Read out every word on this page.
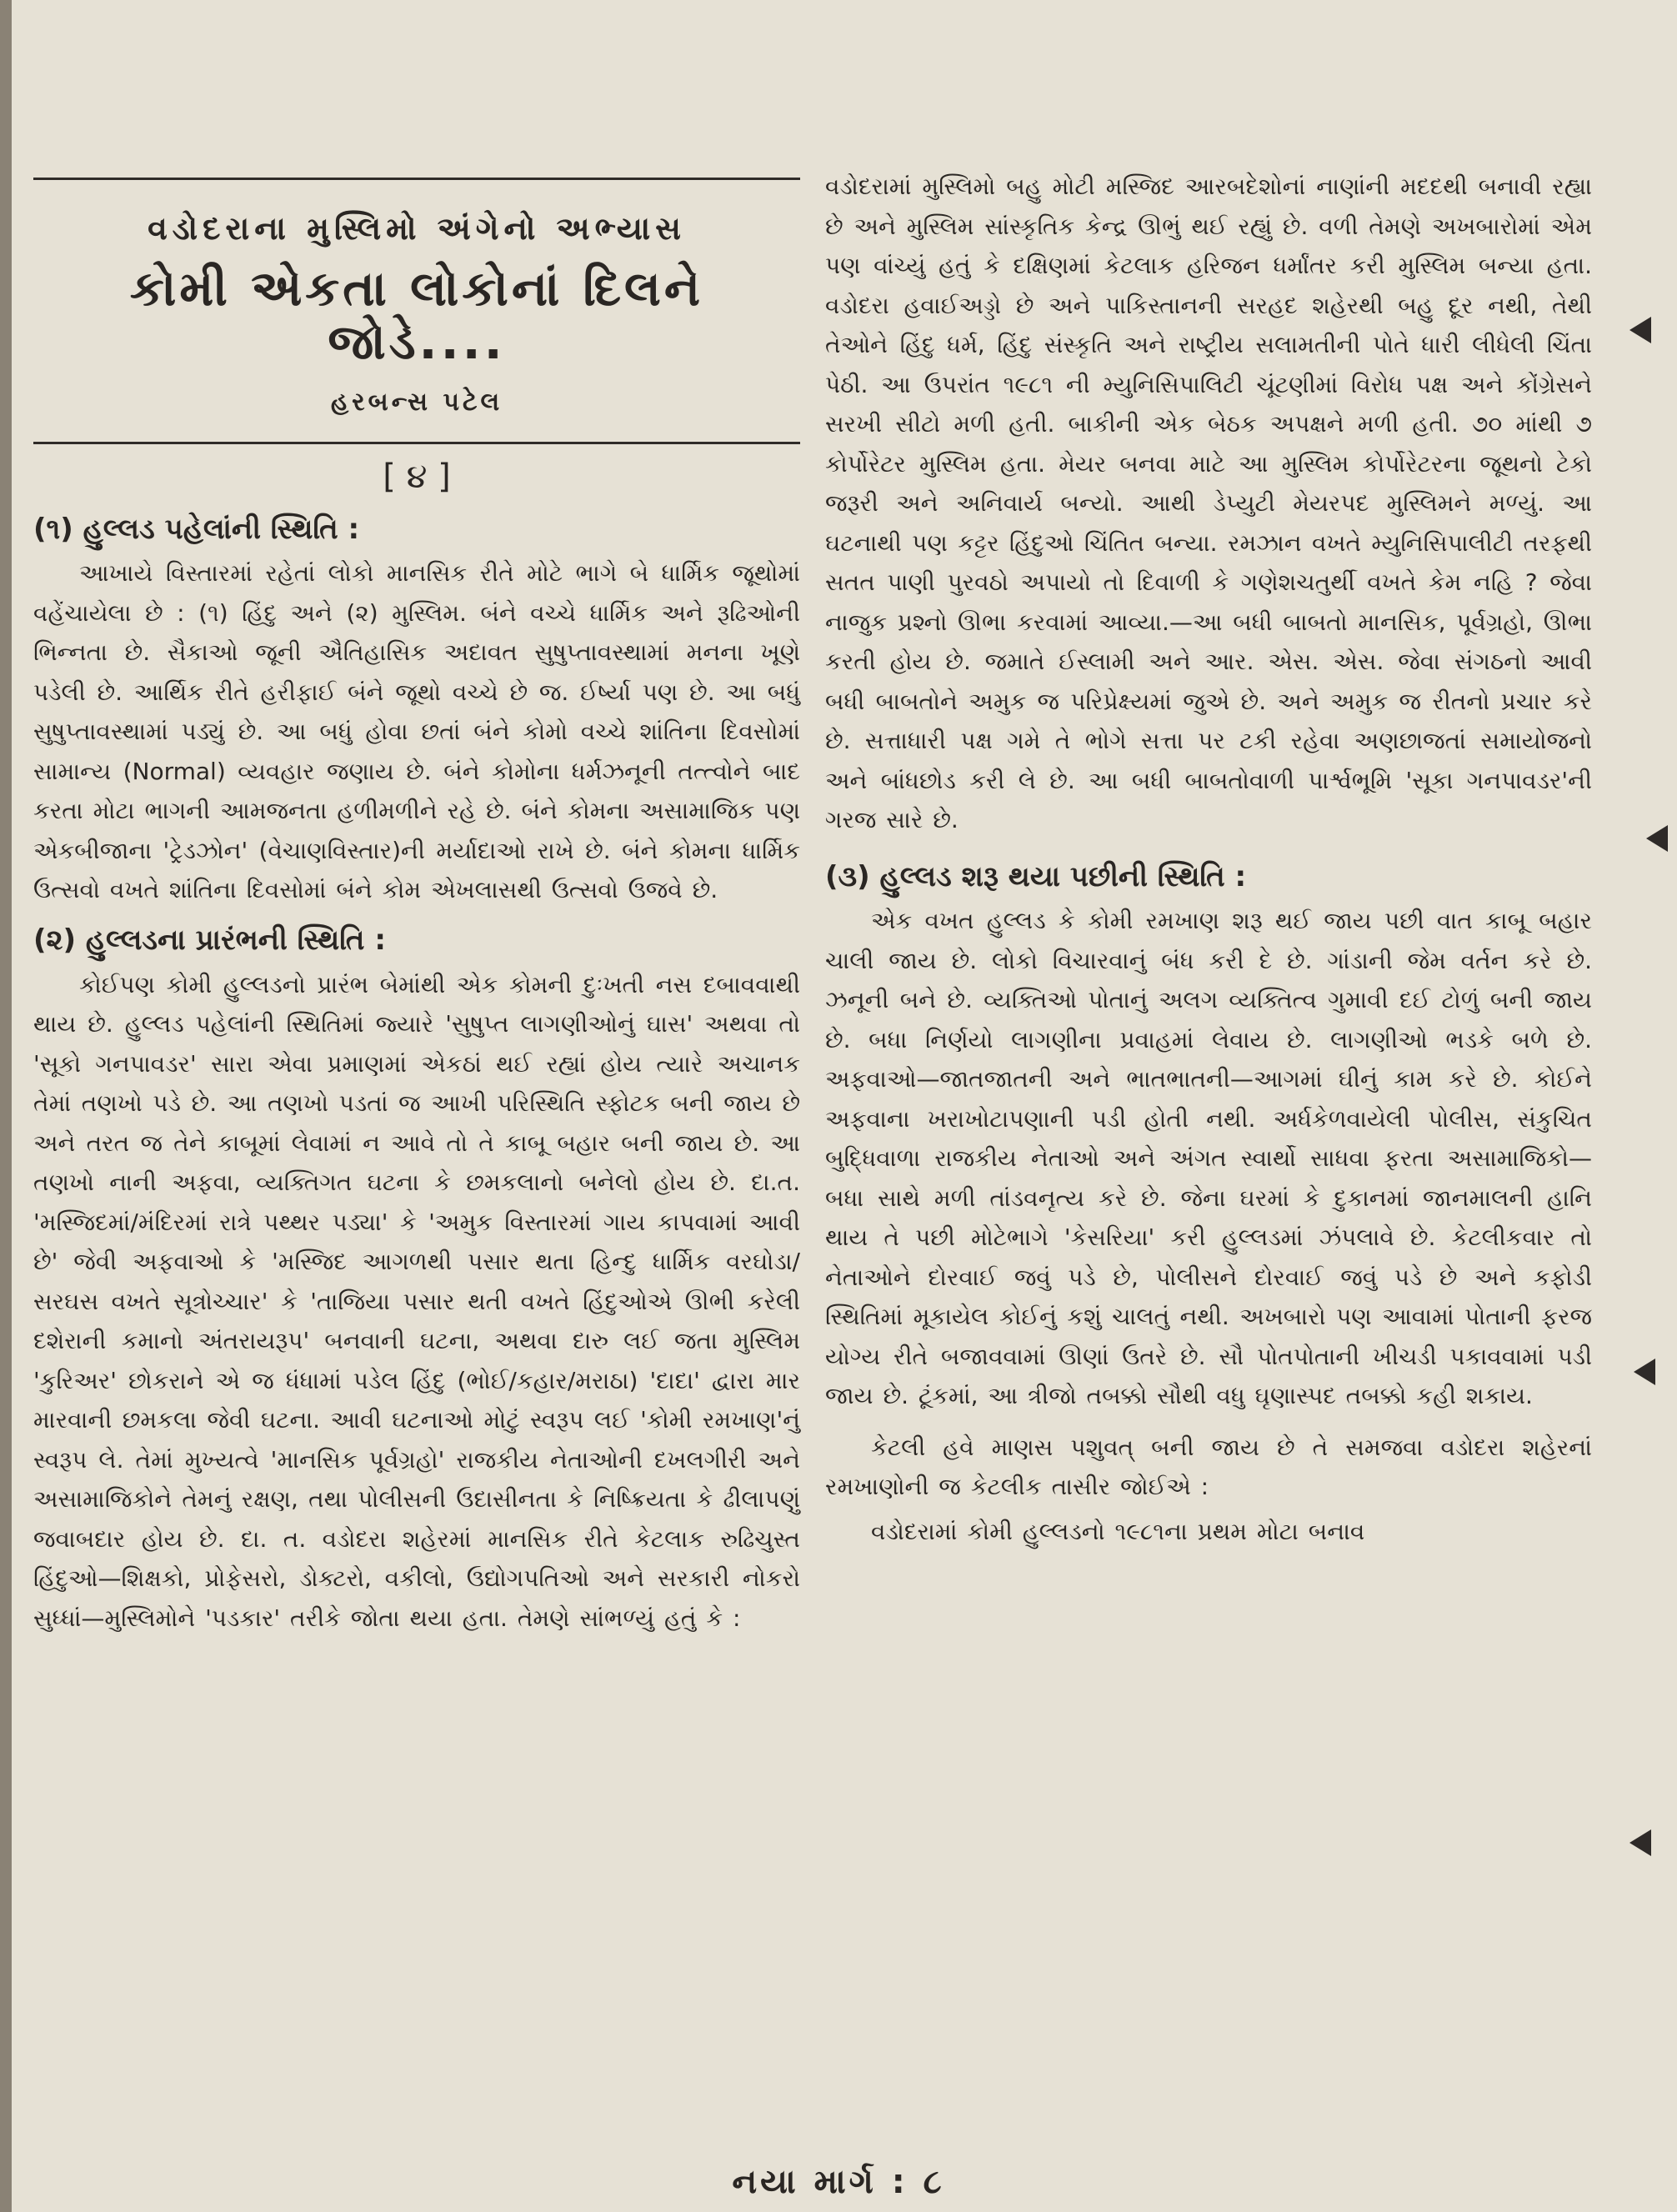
વડોદરાના મુસ્લિમો અંગેનો અભ્યાસ
કોમી એકતા લોકોનાં દિલને જોડે....
હરબન્સ પટેલ
[ ૪ ]
(૧) હુલ્લડ પહેલાંની સ્થિતિ :

આખાયે વિસ્તારમાં રહેતાં લોકો માનસિક રીતે મોટે ભાગે બે ધાર્મિક જૂથોમાં વહેંચાયેલા છે : (૧) હિંદુ અને (૨) મુસ્લિમ. બંને વચ્ચે ધાર્મિક અને રૂઢિઓની ભિન્નતા છે. સૈકાઓ જૂની ઐતિહાસિક અદાવત સુષુપ્તાવસ્થામાં મનના ખૂણે પડેલી છે. આર્થિક રીતે હરીફાઈ બંને જૂથો વચ્ચે છે જ. ઈર્ષ્યા પણ છે. આ બધું સુષુપ્તાવસ્થામાં પડ્યું છે. આ બધું હોવા છતાં બંને કોમો વચ્ચે શાંતિના દિવસોમાં સામાન્ય (Normal) વ્યવહાર જણાય છે. બંને કોમોના ધર્મઝનૂની તત્ત્વોને બાદ કરતા મોટા ભાગની આમજનતા હળીમળીને રહે છે. બંને કોમના અસામાજિક પણ એકબીજાના 'ટ્રેડઝોન' (વેચાણવિસ્તાર)ની મર્યાદાઓ રાખે છે. બંને કોમના ધાર્મિક ઉત્સવો વખતે શાંતિના દિવસોમાં બંને કોમ એખલાસથી ઉત્સવો ઉજવે છે.

(૨) હુલ્લડના પ્રારંભની સ્થિતિ :

કોઈપણ કોમી હુલ્લડનો પ્રારંભ બેમાંથી એક કોમની દુઃખતી નસ દબાવવાથી થાય છે. હુલ્લડ પહેલાંની સ્થિતિમાં જ્યારે 'સુષુપ્ત લાગણીઓનું ઘાસ' અથવા તો 'સૂકો ગનપાવડર' સારા એવા પ્રમાણમાં એકઠાં થઈ રહ્યાં હોય ત્યારે અચાનક તેમાં તણખો પડે છે. આ તણખો પડતાં જ આખી પરિસ્થિતિ સ્ફોટક બની જાય છે અને તરત જ તેને કાબૂમાં લેવામાં ન આવે તો તે કાબૂ બહાર બની જાય છે. આ તણખો નાની અફવા, વ્યક્તિગત ઘટના કે છમકલાનો બનેલો હોય છે. દા.ત. 'મસ્જિદમાં/મંદિરમાં રાત્રે પથ્થર પડ્યા' કે 'અમુક વિસ્તારમાં ગાય કાપવામાં આવી છે' જેવી અફવાઓ કે 'મસ્જિદ આગળથી પસાર થતા હિન્દુ ધાર્મિક વરઘોડા/સરઘસ વખતે સૂત્રોચ્ચાર' કે 'તાજિયા પસાર થતી વખતે હિંદુઓએ ઊભી કરેલી દશેરાની કમાનો અંતરાયરૂપ' બનવાની ઘટના, અથવા દારુ લઈ જતા મુસ્લિમ 'કુરિઅર' છોકરાને એ જ ધંધામાં પડેલ હિંદુ (ભોઈ/કહાર/મરાઠા) 'દાદા' દ્વારા માર મારવાની છમકલા જેવી ઘટના. આવી ઘટનાઓ મોટું સ્વરૂપ લઈ 'કોમી રમખાણ'નું સ્વરૂપ લે. તેમાં મુખ્યત્વે 'માનસિક પૂર્વગ્રહો' રાજકીય નેતાઓની દખલગીરી અને અસામાજિકોને તેમનું રક્ષણ, તથા પોલીસની ઉદાસીનતા કે નિષ્ક્રિયતા કે ઢીલાપણું જવાબદાર હોય છે. દા. ત. વડોદરા શહેરમાં માનસિક રીતે કેટલાક રુઢિચુસ્ત હિંદુઓ—શિક્ષકો, પ્રોફેસરો, ડોક્ટરો, વકીલો, ઉદ્યોગપતિઓ અને સરકારી નોકરો સુધ્ધાં—મુસ્લિમોને 'પડકાર' તરીકે જોતા થયા હતા. તેમણે સાંભળ્યું હતું કે :

વડોદરામાં મુસ્લિમો બહુ મોટી મસ્જિદ આરબદેશોનાં નાણાંની મદદથી બનાવી રહ્યા છે અને મુસ્લિમ સાંસ્કૃતિક કેન્દ્ર ઊભું થઈ રહ્યું છે. વળી તેમણે અખબારોમાં એમ પણ વાંચ્યું હતું કે દક્ષિણમાં કેટલાક હરિજન ધર્માંતર કરી મુસ્લિમ બન્યા હતા. વડોદરા હવાઈઅડ્ડો છે અને પાકિસ્તાનની સરહદ શહેરથી બહુ દૂર નથી, તેથી તેઓને હિંદુ ધર્મ, હિંદુ સંસ્કૃતિ અને રાષ્ટ્રીય સલામતીની પોતે ધારી લીધેલી ચિંતા પેઠી. આ ઉપરાંત ૧૯૮૧ ની મ્યુનિસિપાલિટી ચૂંટણીમાં વિરોધ પક્ષ અને કોંગ્રેસને સરખી સીટો મળી હતી. બાકીની એક બેઠક અપક્ષને મળી હતી. ૭૦ માંથી ૭ કોર્પોરેટર મુસ્લિમ હતા. મેયર બનવા માટે આ મુસ્લિમ કોર્પોરેટરના જૂથનો ટેકો જરૂરી અને અનિવાર્ય બન્યો. આથી ડેપ્યુટી મેયરપદ મુસ્લિમને મળ્યું. આ ઘટનાથી પણ કટ્ટર હિંદુઓ ચિંતિત બન્યા. રમઝાન વખતે મ્યુનિસિપાલીટી તરફથી સતત પાણી પુરવઠો અપાયો તો દિવાળી કે ગણેશચતુર્થી વખતે કેમ નહિ ? જેવા નાજુક પ્રશ્નો ઊભા કરવામાં આવ્યા.—આ બધી બાબતો માનસિક, પૂર્વગ્રહો, ઊભા કરતી હોય છે. જમાતે ઈસ્લામી અને આર. એસ. એસ. જેવા સંગઠનો આવી બધી બાબતોને અમુક જ પરિપ્રેક્ષ્યમાં જુએ છે. અને અમુક જ રીતનો પ્રચાર કરે છે. સત્તાધારી પક્ષ ગમે તે ભોગે સત્તા પર ટકી રહેવા અણછાજતાં સમાયોજનો અને બાંધછોડ કરી લે છે. આ બધી બાબતોવાળી પાર્શ્વભૂમિ 'સૂકા ગનપાવડર'ની ગરજ સારે છે.

(૩) હુલ્લડ શરૂ થયા પછીની સ્થિતિ :

એક વખત હુલ્લડ કે કોમી રમખાણ શરૂ થઈ જાય પછી વાત કાબૂ બહાર ચાલી જાય છે. લોકો વિચારવાનું બંધ કરી દે છે. ગાંડાની જેમ વર્તન કરે છે. ઝનૂની બને છે. વ્યક્તિઓ પોતાનું અલગ વ્યક્તિત્વ ગુમાવી દઈ ટોળું બની જાય છે. બધા નિર્ણયો લાગણીના પ્રવાહમાં લેવાય છે. લાગણીઓ ભડકે બળે છે. અફવાઓ—જાતજાતની અને ભાતભાતની—આગમાં ઘીનું કામ કરે છે. કોઈને અફવાના ખરાખોટાપણાની પડી હોતી નથી. અર્ધકેળવાયેલી પોલીસ, સંકુચિત બુદ્ધિવાળા રાજકીય નેતાઓ અને અંગત સ્વાર્થો સાધવા ફરતા અસામાજિકો—બધા સાથે મળી તાંડવનૃત્ય કરે છે. જેના ઘરમાં કે દુકાનમાં જાનમાલની હાનિ થાય તે પછી મોટેભાગે 'કેસરિયા' કરી હુલ્લડમાં ઝંપલાવે છે. કેટલીકવાર તો નેતાઓને દોરવાઈ જવું પડે છે, પોલીસને દોરવાઈ જવું પડે છે અને કફોડી સ્થિતિમાં મૂકાયેલ કોઈનું કશું ચાલતું નથી. અખબારો પણ આવામાં પોતાની ફરજ યોગ્ય રીતે બજાવવામાં ઊણાં ઉતરે છે. સૌ પોતપોતાની ખીચડી પકાવવામાં પડી જાય છે. ટૂંકમાં, આ ત્રીજો તબક્કો સૌથી વધુ ઘૃણાસ્પદ તબક્કો કહી શકાય.

કેટલી હવે માણસ પશુવત્ બની જાય છે તે સમજવા વડોદરા શહેરનાં રમખાણોની જ કેટલીક તાસીર જોઈએ :

વડોદરામાં કોમી હુલ્લડનો ૧૯૮૧ના પ્રથમ મોટા બનાવ

નયા માર્ગ : ૮
